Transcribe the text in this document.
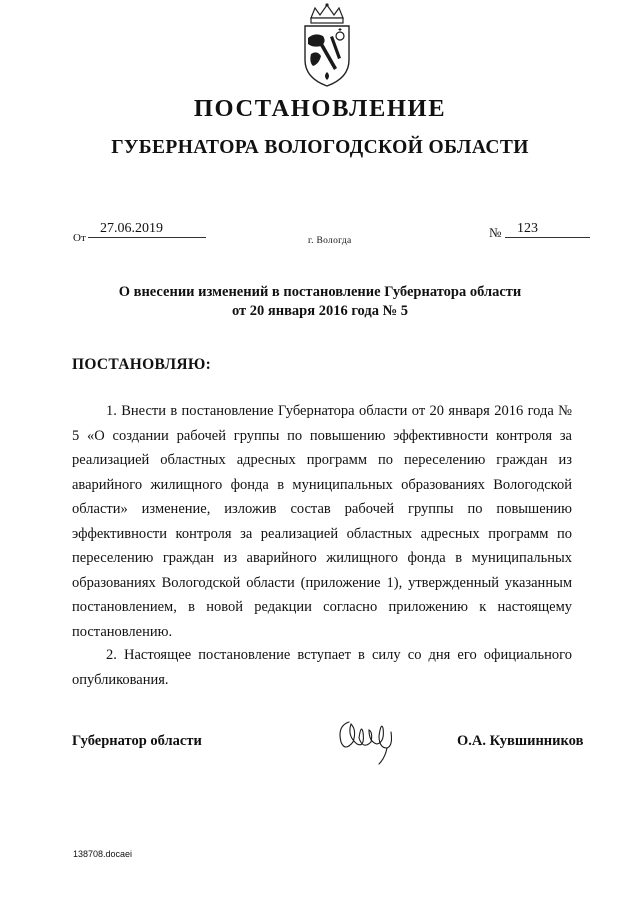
ПОСТАНОВЛЕНИЕ
ГУБЕРНАТОРА ВОЛОГОДСКОЙ ОБЛАСТИ
От
27.06.2019	№	123
г. Вологда
О внесении изменений в постановление Губернатора области
от 20 января 2016 года № 5
ПОСТАНОВЛЯЮ:

1. Внести в постановление Губернатора области от 20 января 2016 года № 5 «О создании рабочей группы по повышению эффективности контроля за реализацией областных адресных программ по переселению граждан из аварийного жилищного фонда в муниципальных образованиях Вологодской области» изменение, изложив состав рабочей группы по повышению эффективности контроля за реализацией областных адресных программ по переселению граждан из аварийного жилищного фонда в муниципальных образованиях Вологодской области (приложение 1), утвержденный указанным постановлением, в новой редакции согласно приложению к настоящему постановлению.

2. Настоящее постановление вступает в силу со дня его официального опубликования.

Губернатор области	О.А. Кувшинников
138708.docaei
